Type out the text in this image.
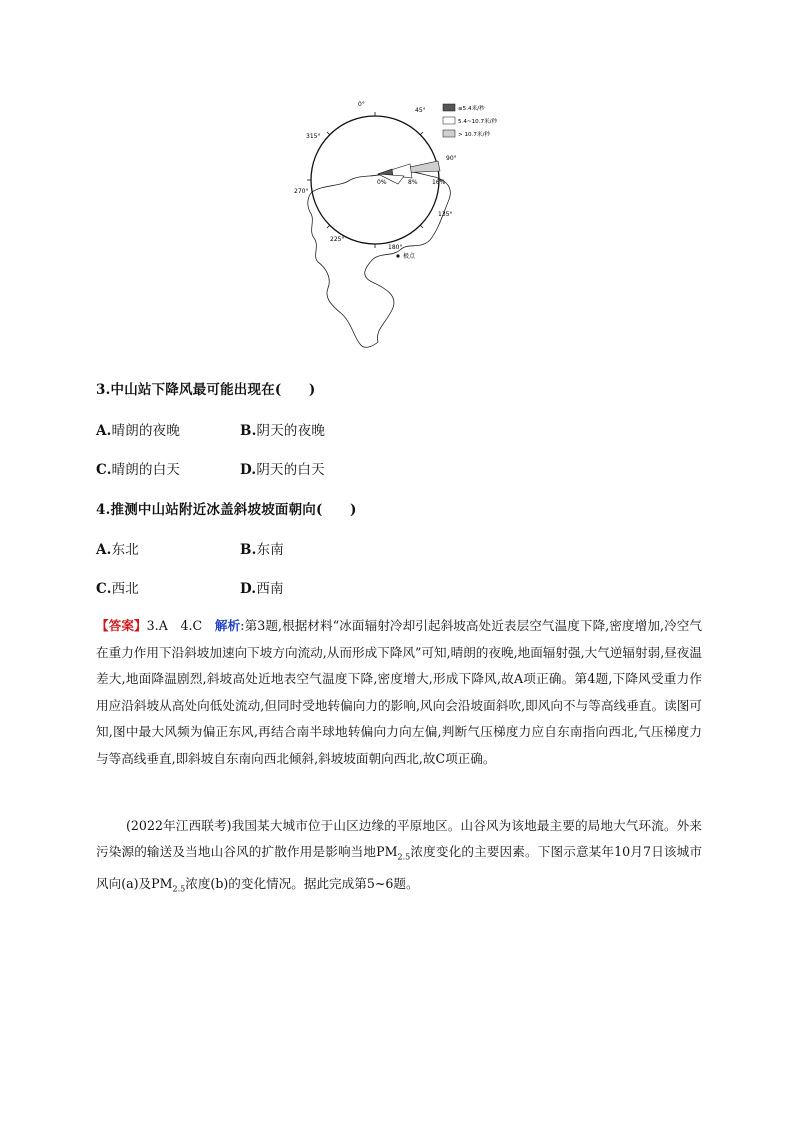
0°
45°
90°
135°
180°
225°
270°
315°
0%	8% 16%
极点
≤5.4米/秒
5.4~10.7米/秒
> 10.7米/秒
3.中山站下降风最可能出现在(　　)
A.晴朗的夜晚	B.阴天的夜晚
C.晴朗的白天	D.阴天的白天
4.推测中山站附近冰盖斜坡坡面朝向(　　)
A.东北	B.东南
C.西北	D.西南
【答案】3.A　4.C　解析:第3题,根据材料“冰面辐射冷却引起斜坡高处近表层空气温度下降,密度增加,冷空气在重力作用下沿斜坡加速向下坡方向流动,从而形成下降风”可知,晴朗的夜晚,地面辐射强,大气逆辐射弱,昼夜温差大,地面降温剧烈,斜坡高处近地表空气温度下降,密度增大,形成下降风,故A项正确。第4题,下降风受重力作用应沿斜坡从高处向低处流动,但同时受地转偏向力的影响,风向会沿坡面斜吹,即风向不与等高线垂直。读图可知,图中最大风频为偏正东风,再结合南半球地转偏向力向左偏,判断气压梯度力应自东南指向西北,气压梯度力与等高线垂直,即斜坡自东南向西北倾斜,斜坡坡面朝向西北,故C项正确。
(2022年江西联考)我国某大城市位于山区边缘的平原地区。山谷风为该地最主要的局地大气环流。外来污染源的输送及当地山谷风的扩散作用是影响当地$PM_{2.5}$浓度变化的主要因素。下图示意某年10月7日该城市风向(a)及$PM_{2.5}$浓度(b)的变化情况。据此完成第5~6题。
